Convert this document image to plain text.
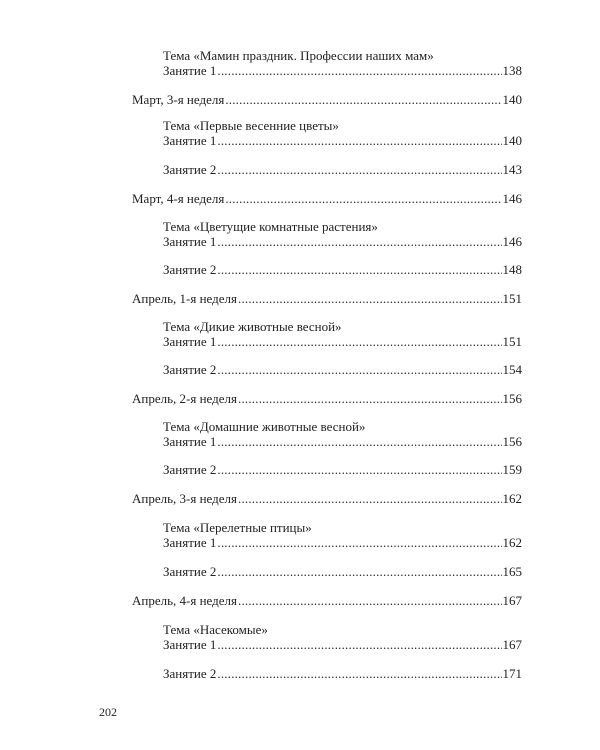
Тема «Мамин праздник. Профессии наших мам»
Занятие 1 .....	138
Март, 3-я неделя .....	140
Тема «Первые весенние цветы»
Занятие 1 .....	140
Занятие 2 .....	143
Март, 4-я неделя .....	146
Тема «Цветущие комнатные растения»
Занятие 1 .....	146
Занятие 2 .....	148
Апрель, 1-я неделя .....	151
Тема «Дикие животные весной»
Занятие 1 .....	151
Занятие 2 .....	154
Апрель, 2-я неделя .....	156
Тема «Домашние животные весной»
Занятие 1 .....	156
Занятие 2 .....	159
Апрель, 3-я неделя .....	162
Тема «Перелетные птицы»
Занятие 1 .....	162
Занятие 2 .....	165
Апрель, 4-я неделя .....	167
Тема «Насекомые»
Занятие 1 .....	167
Занятие 2 .....	171
202
